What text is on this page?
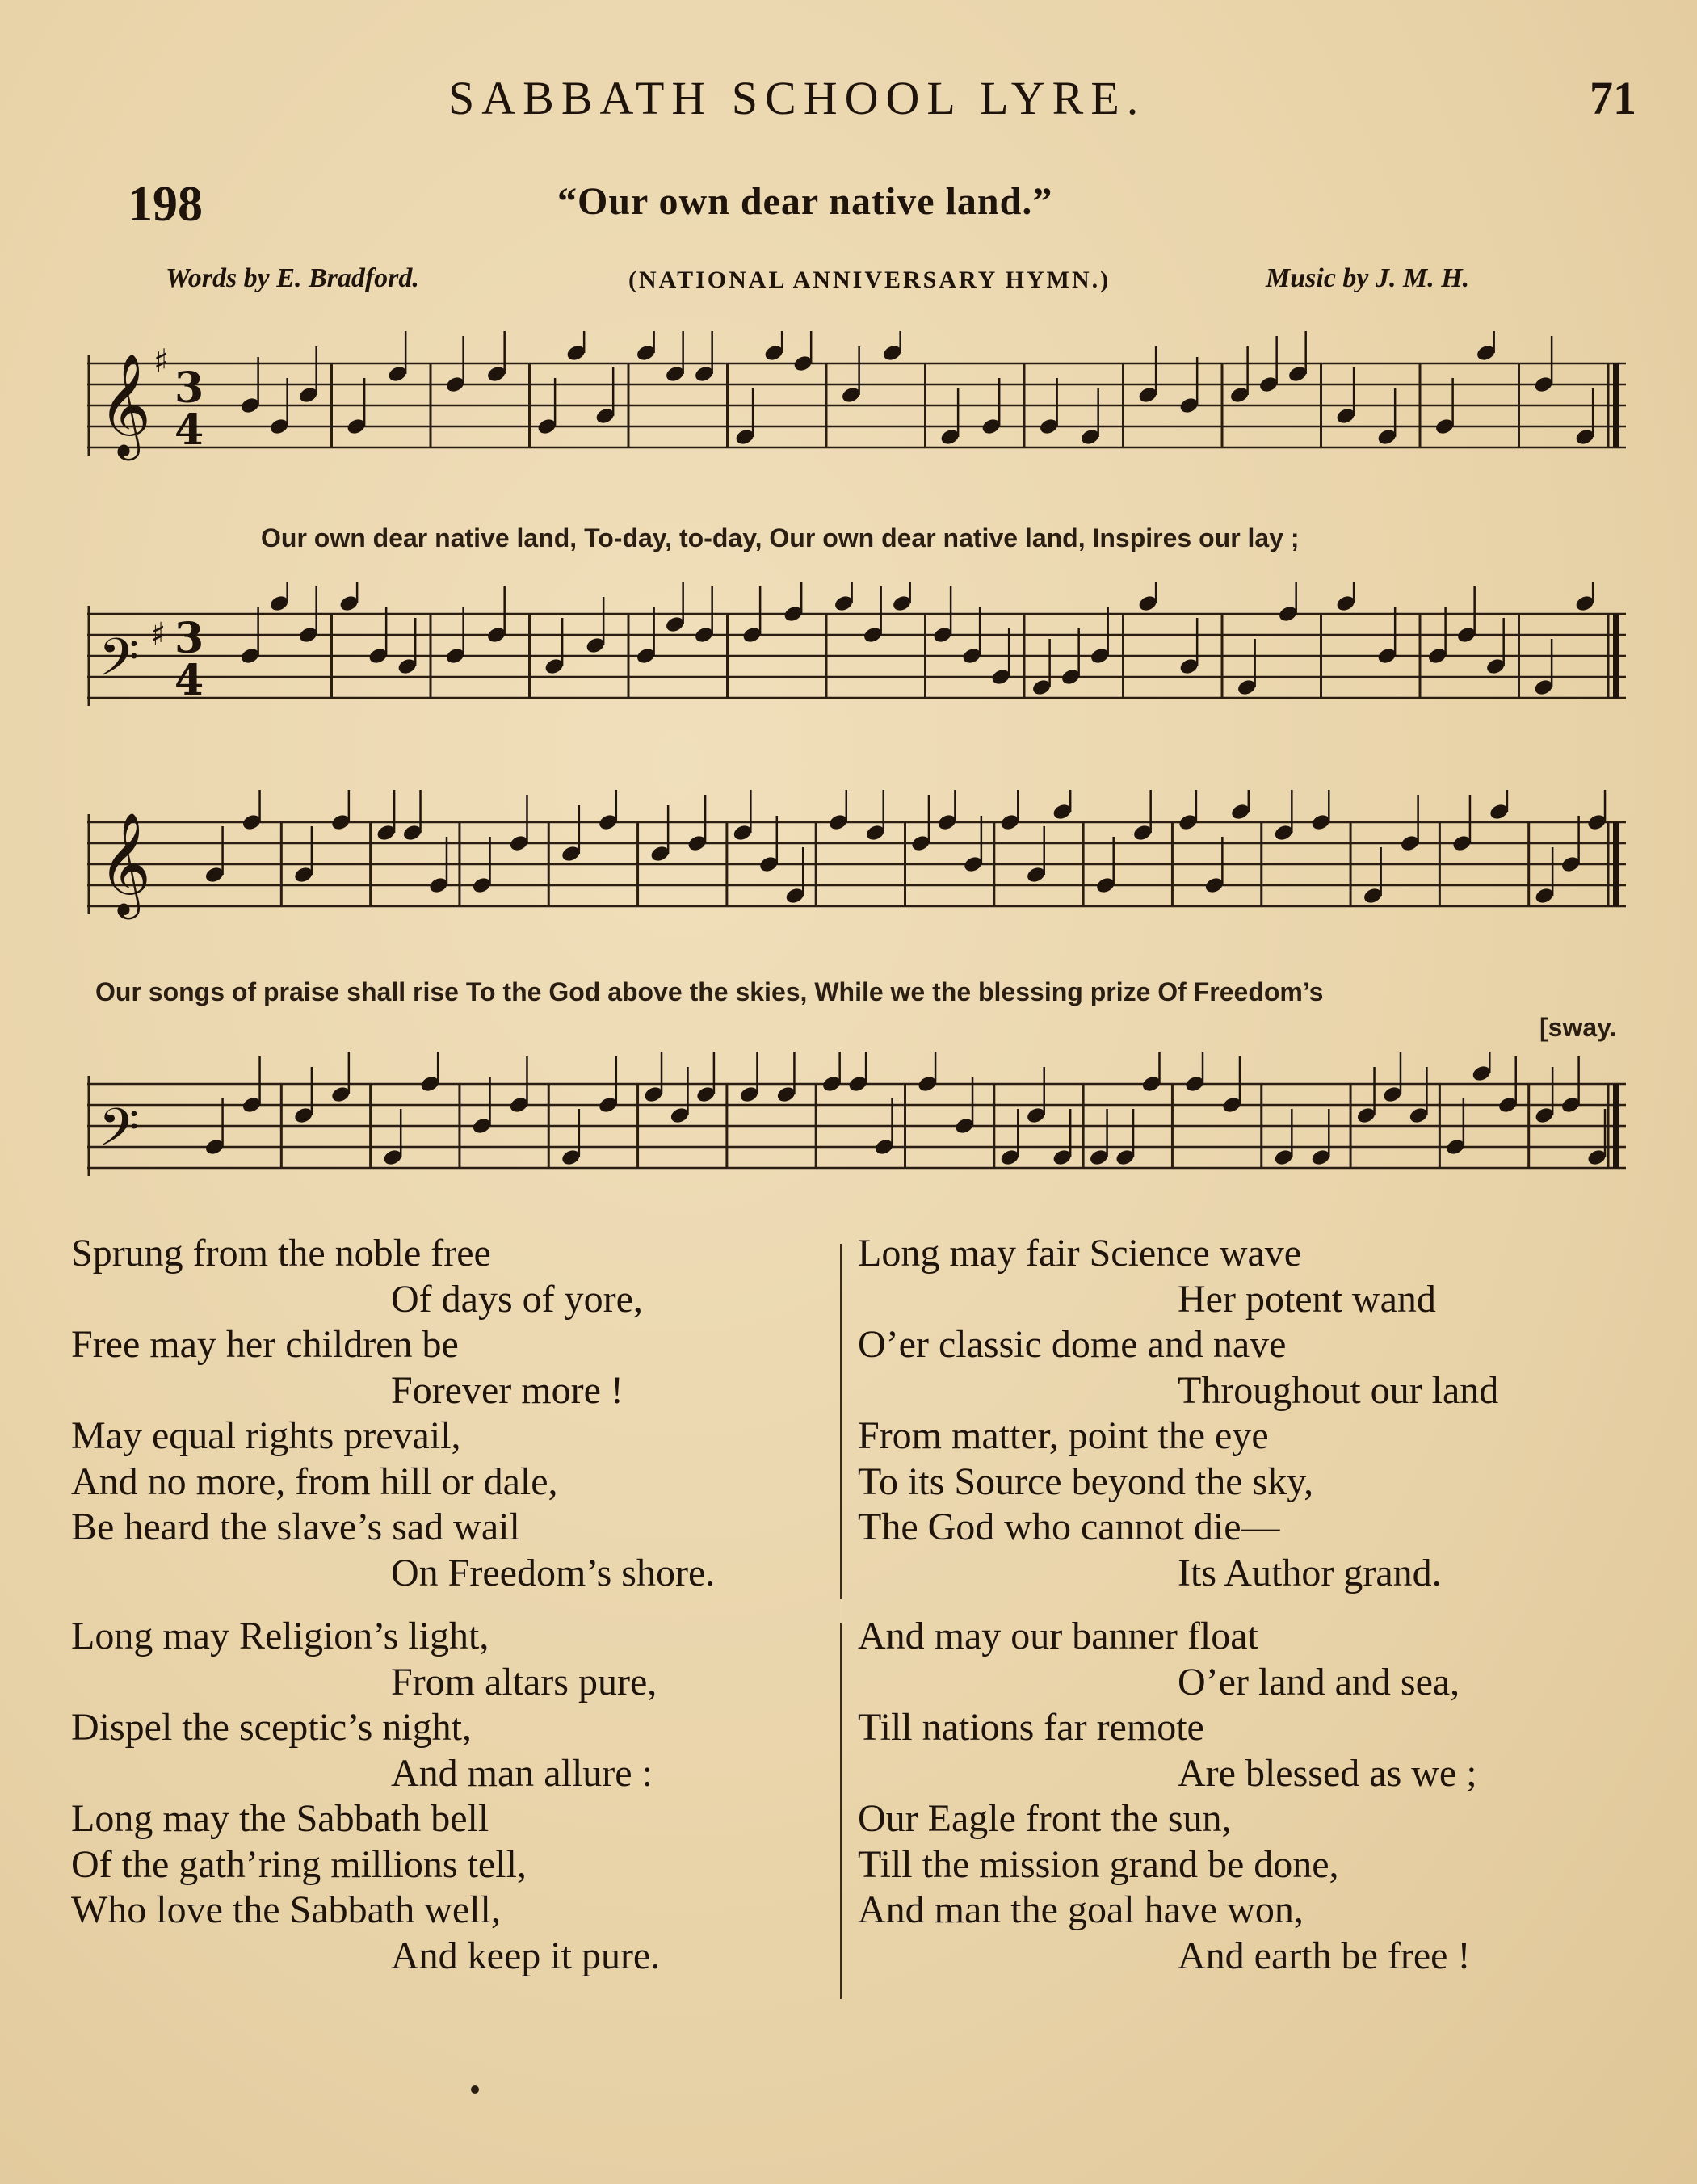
SABBATH SCHOOL LYRE.	71
198	“Our own dear native land.”
Words by E. Bradford.	(NATIONAL ANNIVERSARY HYMN.)	Music by J. M. H.
𝄞 ♯
3
4
Our own dear native land, To-day, to-day, Our own dear native land, Inspires our lay ;
𝄢 ♯ 3
4
𝄞
Our songs of praise shall rise To the God above the skies, While we the blessing prize Of Freedom’s
[sway.
𝄢
Sprung from the noble free
Of days of yore,
Free may her children be
Forever more !
May equal rights prevail,
And no more, from hill or dale,
Be heard the slave’s sad wail
On Freedom’s shore.
Long may Religion’s light,
From altars pure,
Dispel the sceptic’s night,
And man allure :
Long may the Sabbath bell
Of the gath’ring millions tell,
Who love the Sabbath well,
And keep it pure.
Long may fair Science wave
Her potent wand
O’er classic dome and nave
Throughout our land
From matter, point the eye
To its Source beyond the sky,
The God who cannot die—
Its Author grand.
And may our banner float
O’er land and sea,
Till nations far remote
Are blessed as we ;
Our Eagle front the sun,
Till the mission grand be done,
And man the goal have won,
And earth be free !
